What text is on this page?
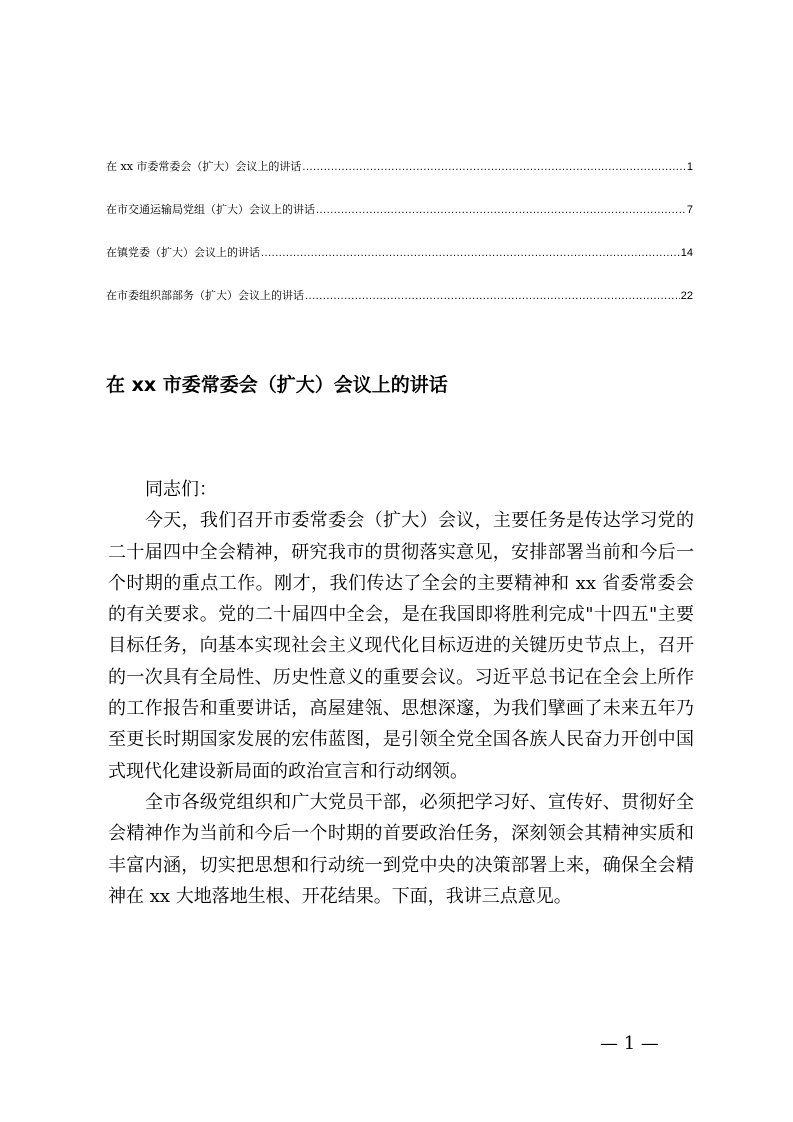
在 xx 市委常委会（扩大）会议上的讲话 .....	1
在市交通运输局党组（扩大）会议上的讲话 .....	7
在镇党委（扩大）会议上的讲话 .....	14
在市委组织部部务（扩大）会议上的讲话 .....	22
在 xx 市委常委会（扩大）会议上的讲话

同志们：

今天，我们召开市委常委会（扩大）会议，主要任务是传达学习党的二十届四中全会精神，研究我市的贯彻落实意见，安排部署当前和今后一个时期的重点工作。刚才，我们传达了全会的主要精神和 xx 省委常委会的有关要求。党的二十届四中全会，是在我国即将胜利完成"十四五"主要目标任务，向基本实现社会主义现代化目标迈进的关键历史节点上，召开的一次具有全局性、历史性意义的重要会议。习近平总书记在全会上所作的工作报告和重要讲话，高屋建瓴、思想深邃，为我们擘画了未来五年乃至更长时期国家发展的宏伟蓝图，是引领全党全国各族人民奋力开创中国式现代化建设新局面的政治宣言和行动纲领。

全市各级党组织和广大党员干部，必须把学习好、宣传好、贯彻好全会精神作为当前和今后一个时期的首要政治任务，深刻领会其精神实质和丰富内涵，切实把思想和行动统一到党中央的决策部署上来，确保全会精神在 xx 大地落地生根、开花结果。下面，我讲三点意见。

— 1 —
